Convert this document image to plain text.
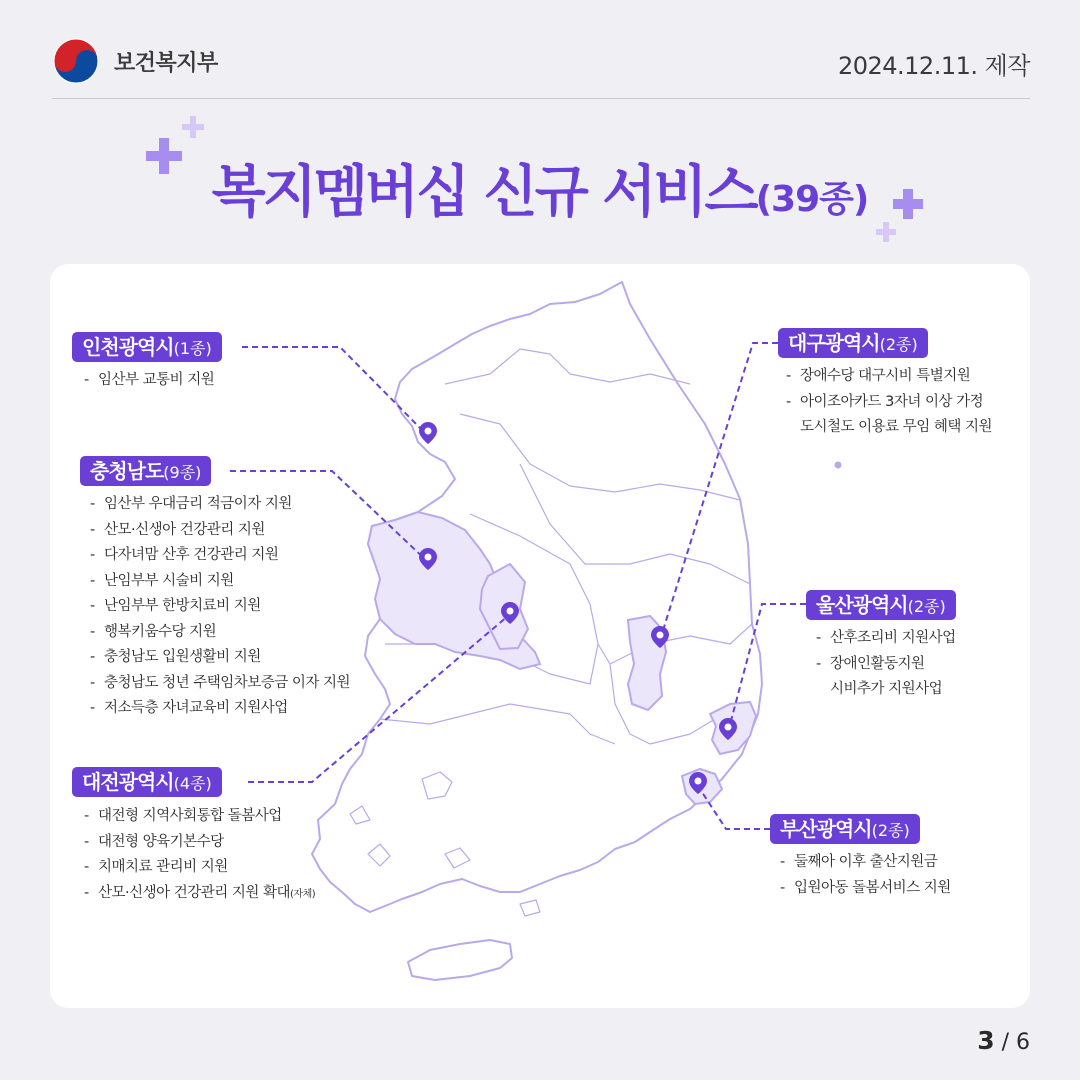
보건복지부	2024.12.11. 제작
복지멤버십 신규 서비스(39종)
인천광역시(1종)
- 임산부 교통비 지원
충청남도(9종)
- 임산부 우대금리 적금이자 지원
- 산모·신생아 건강관리 지원
- 다자녀맘 산후 건강관리 지원
- 난임부부 시술비 지원
- 난임부부 한방치료비 지원
- 행복키움수당 지원
- 충청남도 입원생활비 지원
- 충청남도 청년 주택임차보증금 이자 지원
- 저소득층 자녀교육비 지원사업
대전광역시(4종)
- 대전형 지역사회통합 돌봄사업
- 대전형 양육기본수당
- 치매치료 관리비 지원
- 산모·신생아 건강관리 지원 확대(자체)
대구광역시(2종)
- 장애수당 대구시비 특별지원
- 아이조아카드 3자녀 이상 가정
도시철도 이용료 무임 혜택 지원
울산광역시(2종)
- 산후조리비 지원사업
- 장애인활동지원
시비추가 지원사업
부산광역시(2종)
- 둘째아 이후 출산지원금
- 입원아동 돌봄서비스 지원
3 / 6
